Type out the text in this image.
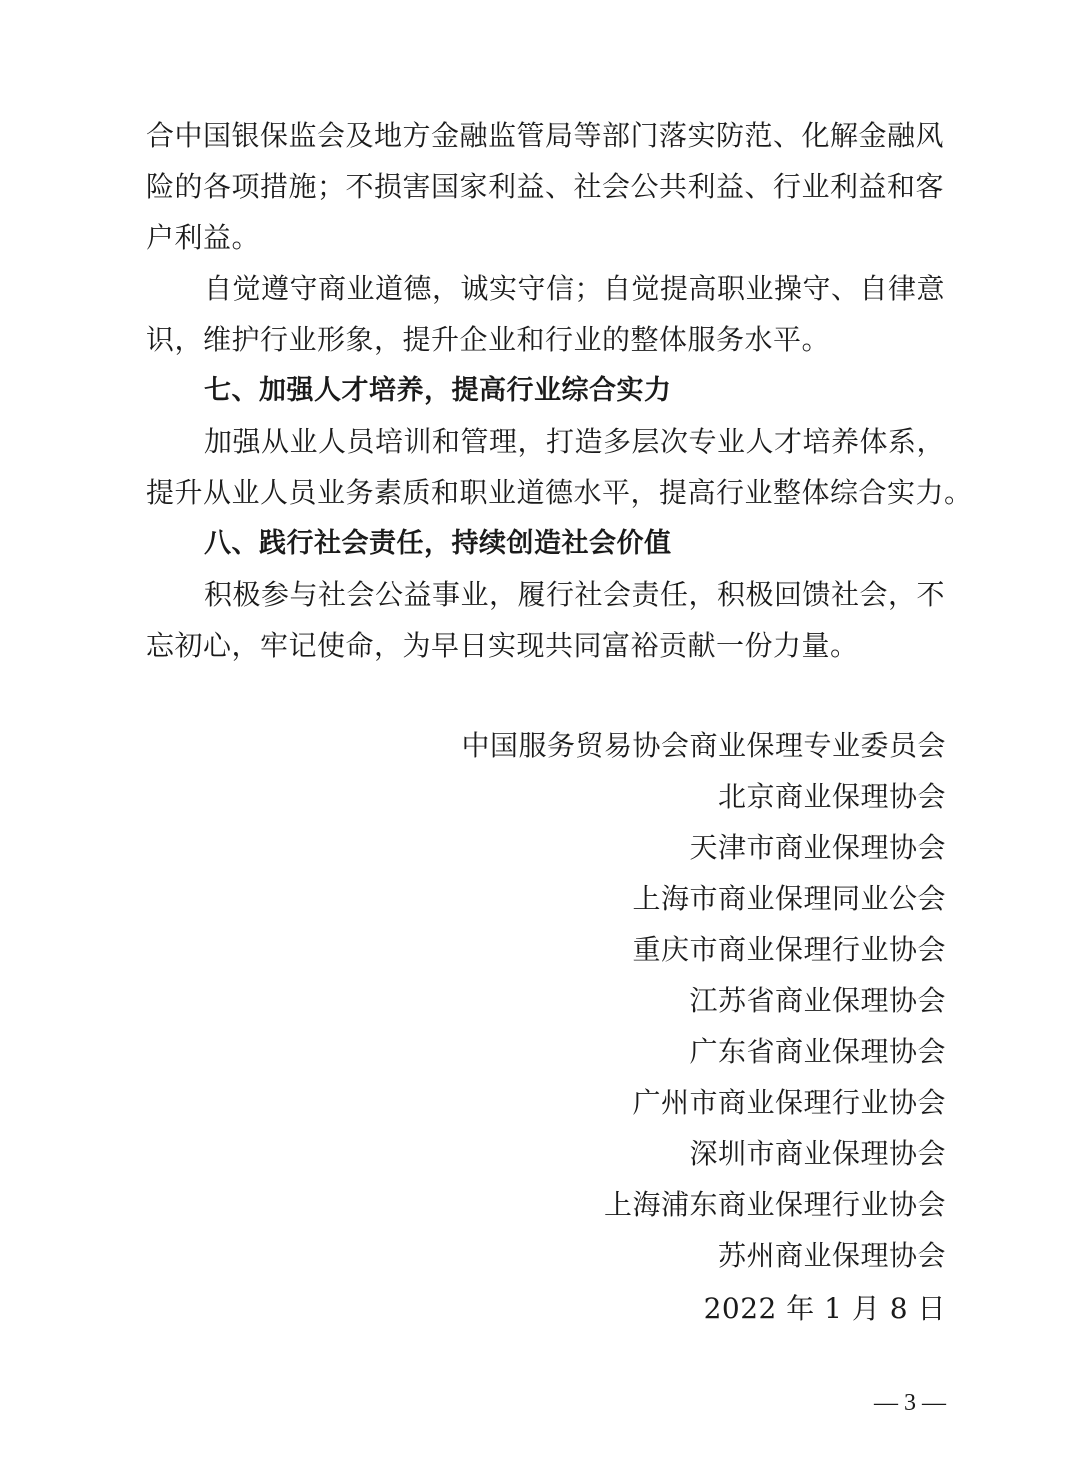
合中国银保监会及地方金融监管局等部门落实防范、化解金融风
险的各项措施；不损害国家利益、社会公共利益、行业利益和客
户利益。
自觉遵守商业道德，诚实守信；自觉提高职业操守、自律意
识，维护行业形象，提升企业和行业的整体服务水平。
七、加强人才培养，提高行业综合实力
加强从业人员培训和管理，打造多层次专业人才培养体系，
提升从业人员业务素质和职业道德水平，提高行业整体综合实力。
八、践行社会责任，持续创造社会价值
积极参与社会公益事业，履行社会责任，积极回馈社会，不
忘初心，牢记使命，为早日实现共同富裕贡献一份力量。
中国服务贸易协会商业保理专业委员会
北京商业保理协会
天津市商业保理协会
上海市商业保理同业公会
重庆市商业保理行业协会
江苏省商业保理协会
广东省商业保理协会
广州市商业保理行业协会
深圳市商业保理协会
上海浦东商业保理行业协会
苏州商业保理协会
2022 年 1 月 8 日
— 3 —
